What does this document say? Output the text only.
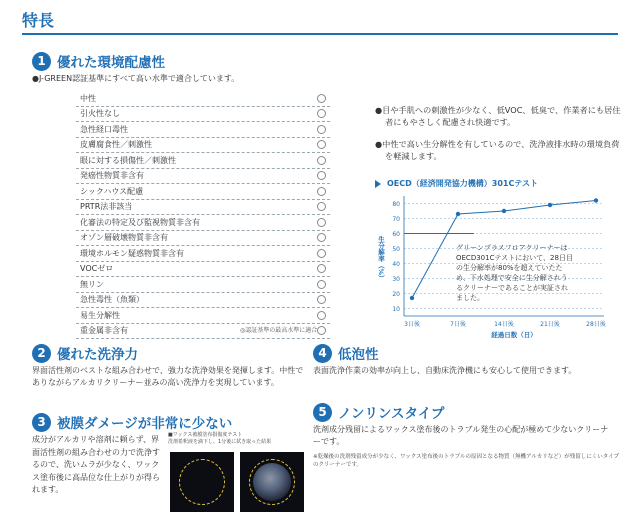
特長
1 優れた環境配慮性
●J-GREEN認証基準にすべて高い水準で適合しています。
中性
引火性なし
急性経口毒性
皮膚腐食性／刺激性
眼に対する損傷性／刺激性
発癌性物質非含有
シックハウス配慮
PRTR法非該当
化審法の特定及び監視物質非含有
オゾン層破壊物質非含有
環境ホルモン疑惑物質非含有
VOCゼロ
無リン
急性毒性（魚類）
易生分解性
重金属非含有	◎認証基準の最高水準に適合

●目や手肌への刺激性が少なく、低VOC、低臭で、作業者にも居住者にもやさしく配慮され快適です。

●中性で高い生分解性を有しているので、洗浄液排水時の環境負荷を軽減します。

OECD（経済開発協力機構）301Cテスト
10
20
30
40
50
60
70
80
3日後	7日後	14日後	21日後	28日後
経過日数（日）
生分解率（%）	グリーンプラスフロアクリーナーは
OECD301Cテストにおいて、28日目
の生分解率が80%を超えていたた
め、下水処理で安全に生分解されう
るクリーナーであることが実証され
ました。
2 優れた洗浄力

界面活性剤のベストな組み合わせで、強力な洗浄効果を発揮します。中性でありながらアルカリクリーナー並みの高い洗浄力を実現しています。

3 被膜ダメージが非常に少ない

成分がアルカリや溶剤に頼らず、界面活性剤の組み合わせの力で洗浄するので、洗いムラが少なく、ワックス塗布後に高品位な仕上がりが得られます。

■ワックス被膜塗布損傷度テスト
洗剤希釈液を滴下し、1分後に拭き取った結果
4 低泡性

表面洗浄作業の効率が向上し、自動床洗浄機にも安心して使用できます。

5 ノンリンスタイプ

洗剤成分残留によるワックス塗布後のトラブル発生の心配が極めて少ないクリーナーです。

※乾燥後の洗剤残留成分が少なく、ワックス塗布後のトラブルの原因となる物質（無機アルカリなど）が残留しにくいタイプのクリーナーです。
